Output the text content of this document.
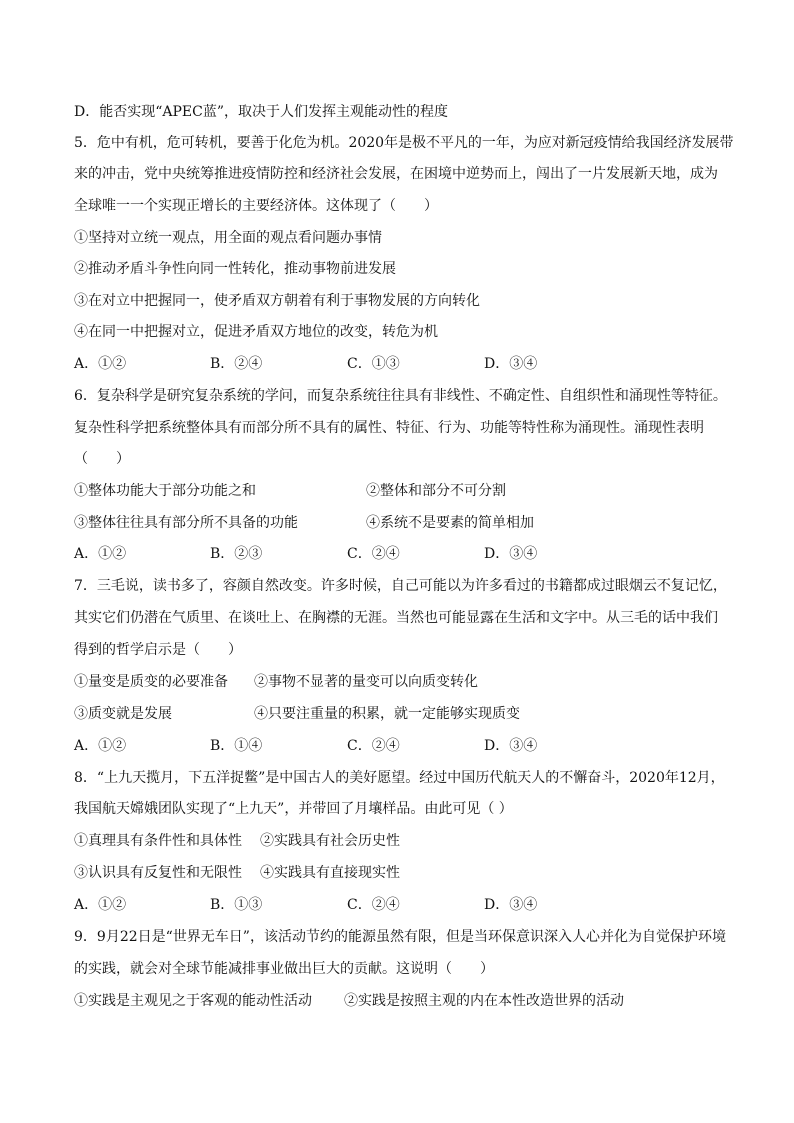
D．能否实现“APEC蓝”，取决于人们发挥主观能动性的程度
5．危中有机，危可转机，要善于化危为机。2020年是极不平凡的一年，为应对新冠疫情给我国经济发展带
来的冲击，党中央统筹推进疫情防控和经济社会发展，在困境中逆势而上，闯出了一片发展新天地，成为
全球唯一一个实现正增长的主要经济体。这体现了（　　）
①坚持对立统一观点，用全面的观点看问题办事情
②推动矛盾斗争性向同一性转化，推动事物前进发展
③在对立中把握同一，使矛盾双方朝着有利于事物发展的方向转化
④在同一中把握对立，促进矛盾双方地位的改变，转危为机
A．①②	B．②④	C．①③	D．③④
6．复杂科学是研究复杂系统的学问，而复杂系统往往具有非线性、不确定性、自组织性和涌现性等特征。
复杂性科学把系统整体具有而部分所不具有的属性、特征、行为、功能等特性称为涌现性。涌现性表明
（　　）
①整体功能大于部分功能之和	②整体和部分不可分割
③整体往往具有部分所不具备的功能	④系统不是要素的简单相加
A．①②	B．②③	C．②④	D．③④
7．三毛说，读书多了，容颜自然改变。许多时候，自己可能以为许多看过的书籍都成过眼烟云不复记忆，
其实它们仍潜在气质里、在谈吐上、在胸襟的无涯。当然也可能显露在生活和文字中。从三毛的话中我们
得到的哲学启示是（　　）
①量变是质变的必要准备 ②事物不显著的量变可以向质变转化
③质变就是发展	④只要注重量的积累，就一定能够实现质变
A．①②	B．①④	C．②④	D．③④
8．“上九天揽月，下五洋捉鳖”是中国古人的美好愿望。经过中国历代航天人的不懈奋斗，2020年12月，
我国航天嫦娥团队实现了“上九天”，并带回了月壤样品。由此可见（ ）
①真理具有条件性和具体性 ②实践具有社会历史性
③认识具有反复性和无限性 ④实践具有直接现实性
A．①②	B．①③	C．②④	D．③④
9．9月22日是“世界无车日”，该活动节约的能源虽然有限，但是当环保意识深入人心并化为自觉保护环境
的实践，就会对全球节能减排事业做出巨大的贡献。这说明（　　）
①实践是主观见之于客观的能动性活动 ②实践是按照主观的内在本性改造世界的活动
